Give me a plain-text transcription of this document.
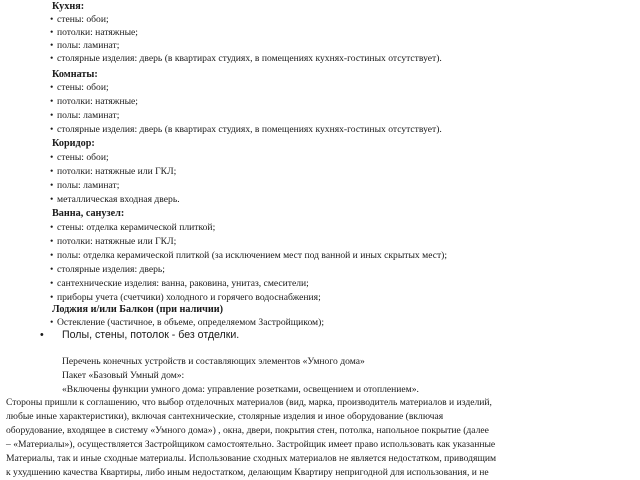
Кухня:
• стены: обои;
• потолки: натяжные;
• полы: ламинат;
• столярные изделия: дверь (в квартирах студиях, в помещениях кухнях-гостиных отсутствует).
Комнаты:
• стены: обои;
• потолки: натяжные;
• полы: ламинат;
• столярные изделия: дверь (в квартирах студиях, в помещениях кухнях-гостиных отсутствует).
Коридор:
• стены: обои;
• потолки: натяжные или ГКЛ;
• полы: ламинат;
• металлическая входная дверь.
Ванна, санузел:
• стены: отделка керамической плиткой;
• потолки: натяжные или ГКЛ;
• полы: отделка керамической плиткой (за исключением мест под ванной и иных скрытых мест);
• столярные изделия: дверь;
• сантехнические изделия: ванна, раковина, унитаз, смесители;
• приборы учета (счетчики) холодного и горячего водоснабжения;
Лоджия и/или Балкон (при наличии)
• Остекление (частичное, в объеме, определяемом Застройщиком);
• Полы, стены, потолок - без отделки.
Перечень конечных устройств и составляющих элементов «Умного дома»
Пакет «Базовый Умный дом»:
«Включены функции умного дома: управление розетками, освещением и отоплением».
Стороны пришли к соглашению, что выбор отделочных материалов (вид, марка, производитель материалов и изделий,
любые иные характеристики), включая сантехнические, столярные изделия и иное оборудование (включая
оборудование, входящее в систему «Умного дома») , окна, двери, покрытия стен, потолка, напольное покрытие (далее
– «Материалы»), осуществляется Застройщиком самостоятельно. Застройщик имеет право использовать как указанные
Материалы, так и иные сходные материалы. Использование сходных материалов не является недостатком, приводящим
к ухудшению качества Квартиры, либо иным недостатком, делающим Квартиру непригодной для использования, и не
